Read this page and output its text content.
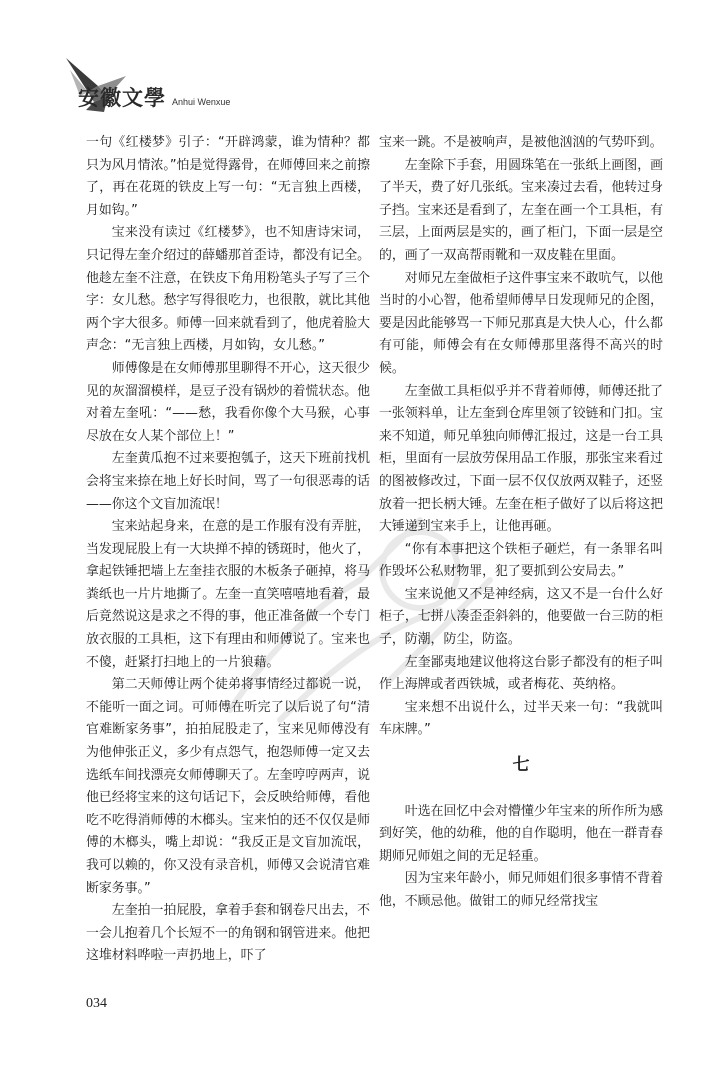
安徽文學 Anhui Wenxue

一句《红楼梦》引子：“开辟鸿蒙，谁为情种？都只为风月情浓。”怕是觉得露骨，在师傅回来之前擦了，再在花斑的铁皮上写一句：“无言独上西楼，月如钩。”

宝来没有读过《红楼梦》，也不知唐诗宋词，只记得左奎介绍过的薛蟠那首歪诗，都没有记全。他趁左奎不注意，在铁皮下角用粉笔头子写了三个字：女儿愁。愁字写得很吃力，也很散，就比其他两个字大很多。师傅一回来就看到了，他虎着脸大声念：“无言独上西楼，月如钩，女儿愁。”

师傅像是在女师傅那里聊得不开心，这天很少见的灰溜溜模样，是豆子没有锅炒的着慌状态。他对着左奎吼：“——愁，我看你像个大马猴，心事尽放在女人某个部位上！”

左奎黄瓜抱不过来要抱瓠子，这天下班前找机会将宝来捺在地上好长时间，骂了一句很恶毒的话——你这个文盲加流氓！

宝来站起身来，在意的是工作服有没有弄脏，当发现屁股上有一大块掸不掉的锈斑时，他火了，拿起铁锤把墙上左奎挂衣服的木板条子砸掉，将马粪纸也一片片地撕了。左奎一直笑嘻嘻地看着，最后竟然说这是求之不得的事，他正准备做一个专门放衣服的工具柜，这下有理由和师傅说了。宝来也不傻，赶紧打扫地上的一片狼藉。

第二天师傅让两个徒弟将事情经过都说一说，不能听一面之词。可师傅在听完了以后说了句“清官难断家务事”，拍拍屁股走了，宝来见师傅没有为他伸张正义，多少有点怨气，抱怨师傅一定又去选纸车间找漂亮女师傅聊天了。左奎哼哼两声，说他已经将宝来的这句话记下，会反映给师傅，看他吃不吃得消师傅的木榔头。宝来怕的还不仅仅是师傅的木榔头，嘴上却说：“我反正是文盲加流氓，我可以赖的，你又没有录音机，师傅又会说清官难断家务事。”

左奎拍一拍屁股，拿着手套和钢卷尺出去，不一会儿抱着几个长短不一的角钢和钢管进来。他把这堆材料哗啦一声扔地上，吓了

宝来一跳。不是被响声，是被他汹汹的气势吓到。

左奎除下手套，用圆珠笔在一张纸上画图，画了半天，费了好几张纸。宝来凑过去看，他转过身子挡。宝来还是看到了，左奎在画一个工具柜，有三层，上面两层是实的，画了柜门，下面一层是空的，画了一双高帮雨靴和一双皮鞋在里面。

对师兄左奎做柜子这件事宝来不敢吭气，以他当时的小心智，他希望师傅早日发现师兄的企图，要是因此能够骂一下师兄那真是大快人心，什么都有可能，师傅会有在女师傅那里落得不高兴的时候。

左奎做工具柜似乎并不背着师傅，师傅还批了一张领料单，让左奎到仓库里领了铰链和门扣。宝来不知道，师兄单独向师傅汇报过，这是一台工具柜，里面有一层放劳保用品工作服，那张宝来看过的图被修改过，下面一层不仅仅放两双鞋子，还竖放着一把长柄大锤。左奎在柜子做好了以后将这把大锤递到宝来手上，让他再砸。

“你有本事把这个铁柜子砸烂，有一条罪名叫作毁坏公私财物罪，犯了要抓到公安局去。”

宝来说他又不是神经病，这又不是一台什么好柜子，七拼八凑歪歪斜斜的，他要做一台三防的柜子，防潮，防尘，防盗。

左奎鄙夷地建议他将这台影子都没有的柜子叫作上海牌或者西铁城，或者梅花、英纳格。

宝来想不出说什么，过半天来一句：“我就叫车床牌。”

七

叶选在回忆中会对懵懂少年宝来的所作所为感到好笑，他的幼稚，他的自作聪明，他在一群青春期师兄师姐之间的无足轻重。

因为宝来年龄小，师兄师姐们很多事情不背着他，不顾忌他。做钳工的师兄经常找宝

034
